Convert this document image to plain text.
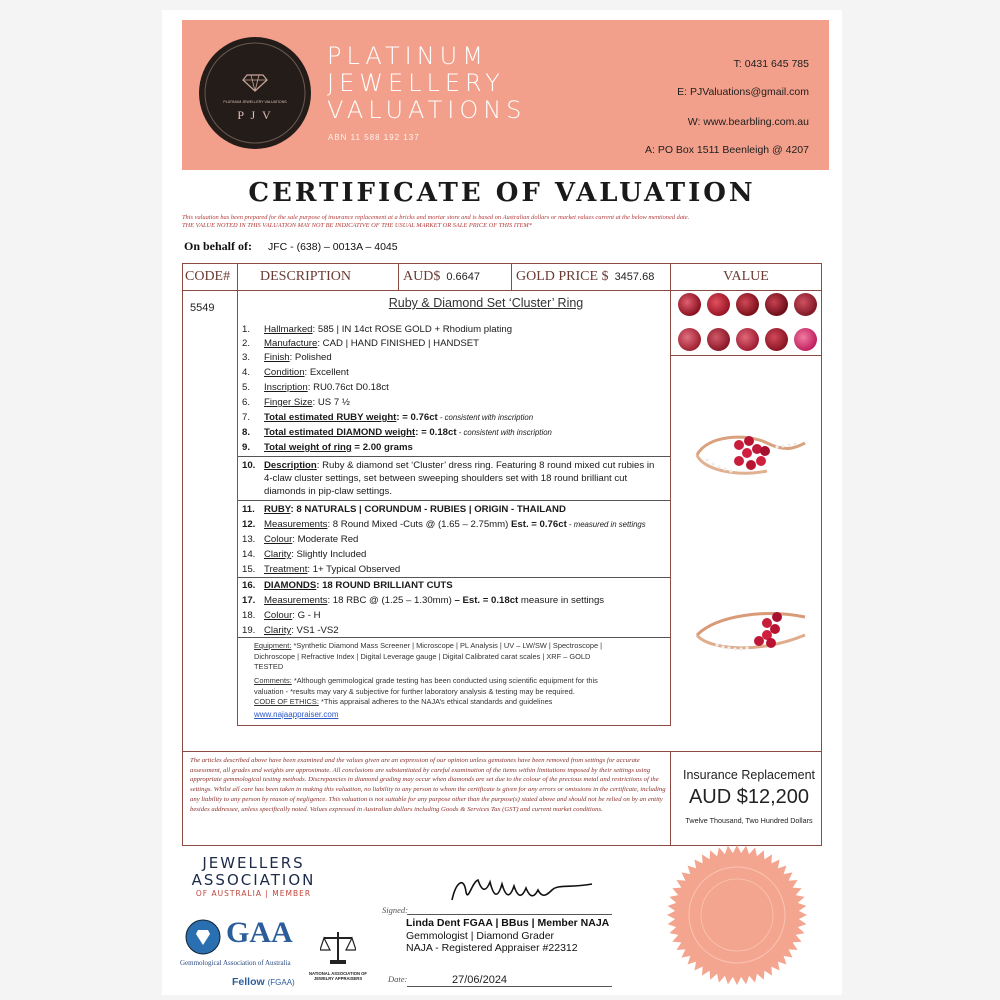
PLATINUM JEWELLERY VALUATIONS
P J V
PLATINUM
JEWELLERY
VALUATIONS
ABN 11 588 192 137
T: 0431 645 785
E: PJValuations@gmail.com
W: www.bearbling.com.au
A: PO Box 1511 Beenleigh @ 4207
CERTIFICATE OF VALUATION
This valuation has been prepared for the sale purpose of insurance replacement at a bricks and mortar store and is based on Australian dollars or market values current at the below mentioned date.
THE VALUE NOTED IN THIS VALUATION MAY NOT BE INDICATIVE OF THE USUAL MARKET OR SALE PRICE OF THIS ITEM*
On behalf of: JFC - (638) – 0013A – 4045
CODE#	DESCRIPTION	AUD$ 0.6647	GOLD PRICE $ 3457.68	VALUE
5549	Ruby & Diamond Set ‘Cluster’ Ring
1. Hallmarked: 585 | IN 14ct ROSE GOLD + Rhodium plating
2. Manufacture: CAD | HAND FINISHED | HANDSET
3. Finish: Polished
4. Condition: Excellent
5. Inscription: RU0.76ct D0.18ct
6. Finger Size: US 7 ½
7. Total estimated RUBY weight: = 0.76ct - consistent with inscription
8. Total estimated DIAMOND weight: = 0.18ct - consistent with inscription
9. Total weight of ring = 2.00 grams
10. Description: Ruby & diamond set ‘Cluster’ dress ring. Featuring 8 round mixed cut rubies in
4-claw cluster settings, set between sweeping shoulders set with 18 round brilliant cut
diamonds in pip-claw settings.
11. RUBY: 8 NATURALS | CORUNDUM - RUBIES | ORIGIN - THAILAND
12. Measurements: 8 Round Mixed -Cuts @ (1.65 – 2.75mm) Est. = 0.76ct - measured in settings
13. Colour: Moderate Red
14. Clarity: Slightly Included
15. Treatment: 1+ Typical Observed
16. DIAMONDS: 18 ROUND BRILLIANT CUTS
17. Measurements: 18 RBC @ (1.25 – 1.30mm) – Est. = 0.18ct measure in settings
18. Colour: G - H
19. Clarity: VS1 -VS2
Equipment: *Synthetic Diamond Mass Screener | Microscope | PL Analysis | UV – LW/SW | Spectroscope |
Dichroscope | Refractive Index | Digital Leverage gauge | Digital Calibrated carat scales | XRF – GOLD
TESTED
Comments: *Although gemmological grade testing has been conducted using scientific equipment for this
valuation - *results may vary & subjective for further laboratory analysis & testing may be required.
CODE OF ETHICS: *This appraisal adheres to the NAJA’s ethical standards and guidelines
www.najaappraiser.com
The articles described above have been examined and the values given are an expression of our opinion unless gemstones have been removed from settings for accurate assessment, all grades and weights are approximate. All conclusions are substantiated by careful examination of the items within limitations imposed by their settings using appropriate gemmological testing methods. Discrepancies in diamond grading may occur when diamonds are set due to the colour of the precious metal and restrictions of the settings. Whilst all care has been taken in making this valuation, no liability to any person to whom the certificate is given for any errors or omissions in the certificate, including any liability to any person by reason of negligence. This valuation is not suitable for any purpose other than the purpose(s) stated above and should not be relied on by an entity besides addressee, unless specifically noted. Values expressed in Australian dollars including Goods & Services Tax (GST) and current market conditions.
Insurance Replacement
AUD $12,200
Twelve Thousand, Two Hundred Dollars
JEWELLERS
ASSOCIATION
OF AUSTRALIA | MEMBER
GAA
Gemmological Association of Australia
Fellow (FGAA)
NATIONAL ASSOCIATION OF JEWELRY APPRAISERS
Signed:
Linda Dent FGAA | BBus | Member NAJA
Gemmologist | Diamond Grader
NAJA - Registered Appraiser #22312
Date:	27/06/2024
